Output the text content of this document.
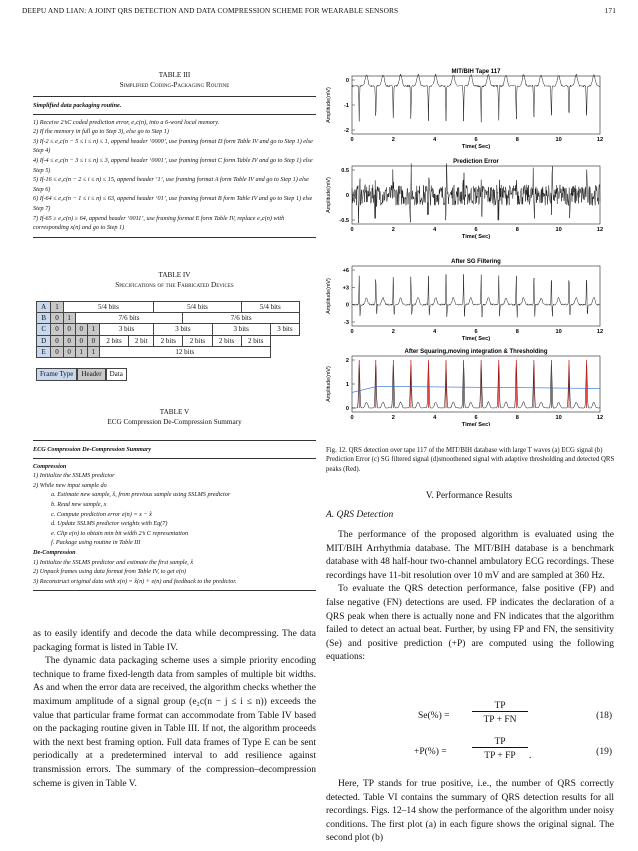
DEEPU AND LIAN: A JOINT QRS DETECTION AND DATA COMPRESSION SCHEME FOR WEARABLE SENSORS	171
TABLE III
Simplified Coding-Packaging Routine
Simplified data packaging routine.

1) Receive 2’sC coded prediction error, e₂c(n), into a 6-word local memory.

2) If the memory in full go to Step 3), else go to Step 1)

3) If-2 ≤ e₂c(n − 5 ≤ i ≤ n) ≤ 1, append header ‘0000’, use framing format D form Table IV and go to Step 1) else Step 4)

4) If-4 ≤ e₂c(n − 3 ≤ i ≤ n) ≤ 3, append header ‘0001’, use framing format C form Table IV and go to Step 1) else Step 5)

5) If-16 ≤ e₂c(n − 2 ≤ i ≤ n) ≤ 15, append header ‘1’, use framing format A form Table IV and go to Step 1) else Step 6)

6) If-64 ≤ e₂c(n − 1 ≤ i ≤ n) ≤ 63, append header ‘01’, use framing format B form Table IV and go to Step 1) else Step 7)

7) If-65 ≥ e₂c(n) ≥ 64, append header ‘0011’, use framing format E form Table IV, replace e₂c(n) with corresponding x(n) and go to Step 1)

TABLE IV
Specifications of the Fabricated Devices
A	1	5/4 bits					5/4 bits			5/4 bits	
B	0	1	7/6 bits					7/6 bits			
C	0	0	0	1	3 bits		3 bits		3 bits		3 bits
D	0	0	0	0	2 bits	2 bit	2 bits	2 bits	2 bits	2 bits	
E	0	0	1	1	12 bits						
Frame Type	Header	Data
TABLE V
ECG Compression De-Compression Summary
ECG Compression De-Compression Summary

Compression

1) Initialize the SSLMS predictor

2) While new input sample do

a. Estimate new sample, x̂, from previous sample using SSLMS predictor

b. Read new sample, x

c. Compute prediction error e(n) = x − x̂

d. Update SSLMS predictor weights with Eq(7)

e. Clip e(n) to obtain min bit width 2’s C representation

f. Package using routine in Table III

De-Compression

1) Initialize the SSLMS predictor and estimate the first sample, x̂

2) Unpack frames using data format from Table IV, to get e(n)

3) Reconstruct original data with x(n) = x̂(n) + e(n) and feedback to the predictor.

as to easily identify and decode the data while decompressing. The data packaging format is listed in Table IV.

The dynamic data packaging scheme uses a simple priority encoding technique to frame fixed-length data from samples of multiple bit widths. As and when the error data are received, the algorithm checks whether the maximum amplitude of a signal group (e₂c(n − j ≤ i ≤ n)) exceeds the value that particular frame format can accommodate from Table IV based on the packaging routine given in Table III. If not, the algorithm proceeds with the next best framing option. Full data frames of Type E can be sent periodically at a predetermined interval to add resilience against transmission errors. The summary of the compression–decompression scheme is given in Table V.

MIT/BIH Tape 117
Amplitude(mV)
0
-1
-2
0	2	4	6	8	10	12
Time( Sec)
Prediction Error
Amplitude(mV)
0.5
0
-0.5
0	2	4	6	8	10	12
Time( Sec)
After SG Filtering
Amplitude(mV)
+6
+3
0
-3
0	2	4	6	8	10	12
Time( Sec)
After Squaring,moving integration & Thresholding
Amplitude(mV)
2
1
0
0	2	4	6	8	10	12
Time( Sec)
Fig. 12. QRS detection over tape 117 of the MIT/BIH database with large T waves (a) ECG signal (b) Prediction Error (c) SG filtered signal (d)smoothened signal with adaptive thresholding and detected QRS peaks (Red).
V. Performance Results
A. QRS Detection

The performance of the proposed algorithm is evaluated using the MIT/BIH Arrhythmia database. The MIT/BIH database is a benchmark database with 48 half-hour two-channel ambulatory ECG recordings. These recordings have 11-bit resolution over 10 mV and are sampled at 360 Hz.

To evaluate the QRS detection performance, false positive (FP) and false negative (FN) detections are used. FP indicates the declaration of a QRS peak when there is actually none and FN indicates that the algorithm failed to detect an actual beat. Further, by using FP and FN, the sensitivity (Se) and positive prediction (+P) are computed using the following equations:

Se(%) =
TP
TP + FN	(18)
+P(%) =
TP
TP + FP	.	(19)

Here, TP stands for true positive, i.e., the number of QRS correctly detected. Table VI contains the summary of QRS detection results for all recordings. Figs. 12–14 show the performance of the algorithm under noisy conditions. The first plot (a) in each figure shows the original signal. The second plot (b)
